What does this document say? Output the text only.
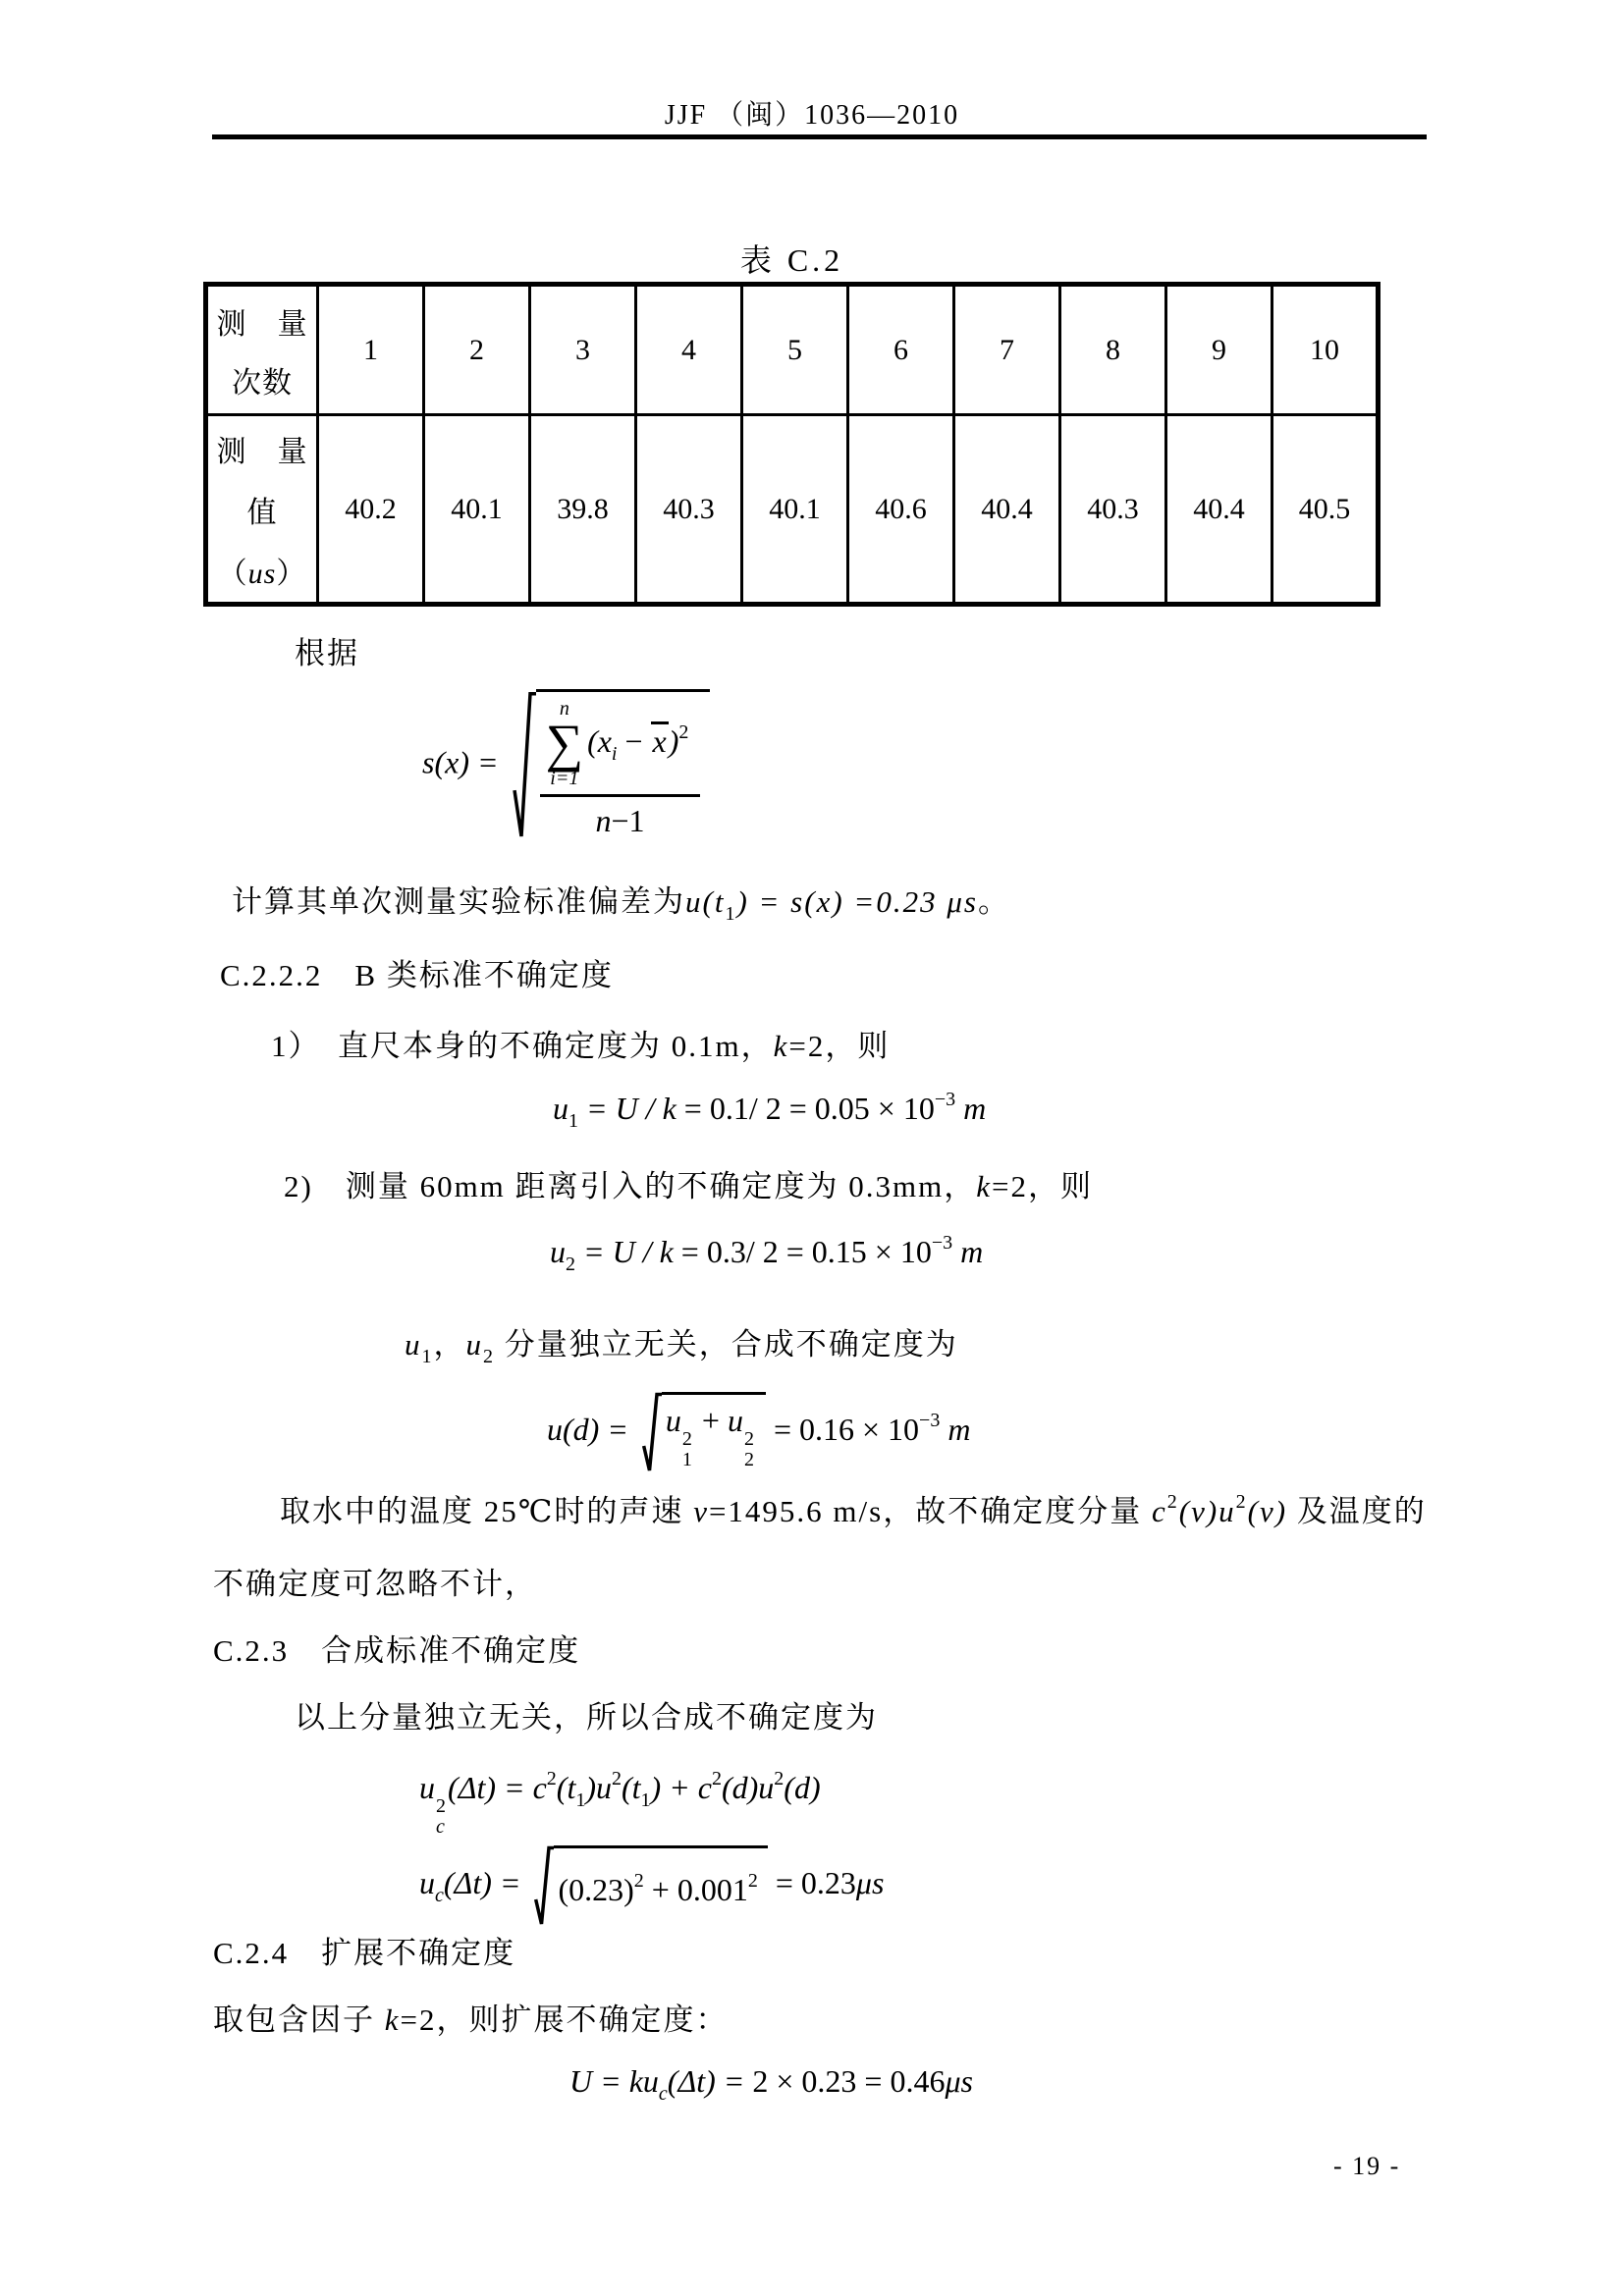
JJF （闽）1036—2010
表 C.2
测　量
次数	1	2	3	4	5	6	7	8	9	10

测　量
值
（us）	40.2	40.1	39.8	40.3	40.1	40.6	40.4	40.3	40.4	40.5
根据
s(x) =
n
∑
i=1
$(x_i - x)^2$
n−1
计算其单次测量实验标准偏差为$u(t_1) = s(x) =0.23$ μs。
C.2.2.2　B 类标准不确定度
1）　直尺本身的不确定度为 0.1m，k=2，则
$u_1 = U / k = 0.1/$ $2 = 0.05 \times 10^{-3}$ m
2)　测量 60mm 距离引入的不确定度为 0.3mm，k=2，则
$u_2 = U / k = 0.3/$ $2 = 0.15 \times 10^{-3}$ m
$u_1$，$u_2$ 分量独立无关，合成不确定度为
u(d) = u
2
1
+ u
2
2
= $0.16 \times 10^{-3}$ m
取水中的温度 25℃时的声速 v=1495.6 m/s，故不确定度分量 $c^2(v)u^2(v)$ 及温度的
不确定度可忽略不计，
C.2.3　合成标准不确定度
以上分量独立无关，所以合成不确定度为
u
2
c
$(\Delta t) = c^2(t_1)u^2(t_1) + c^2(d)u^2(d)$
$u_c(\Delta t) = (0.23)^2 + 0.001^2 = 0.23\mu s$
C.2.4　扩展不确定度
取包含因子 k=2，则扩展不确定度：
$U = ku_c(\Delta t) = 2 \times 0.23 = 0.46\mu s$
- 19 -
